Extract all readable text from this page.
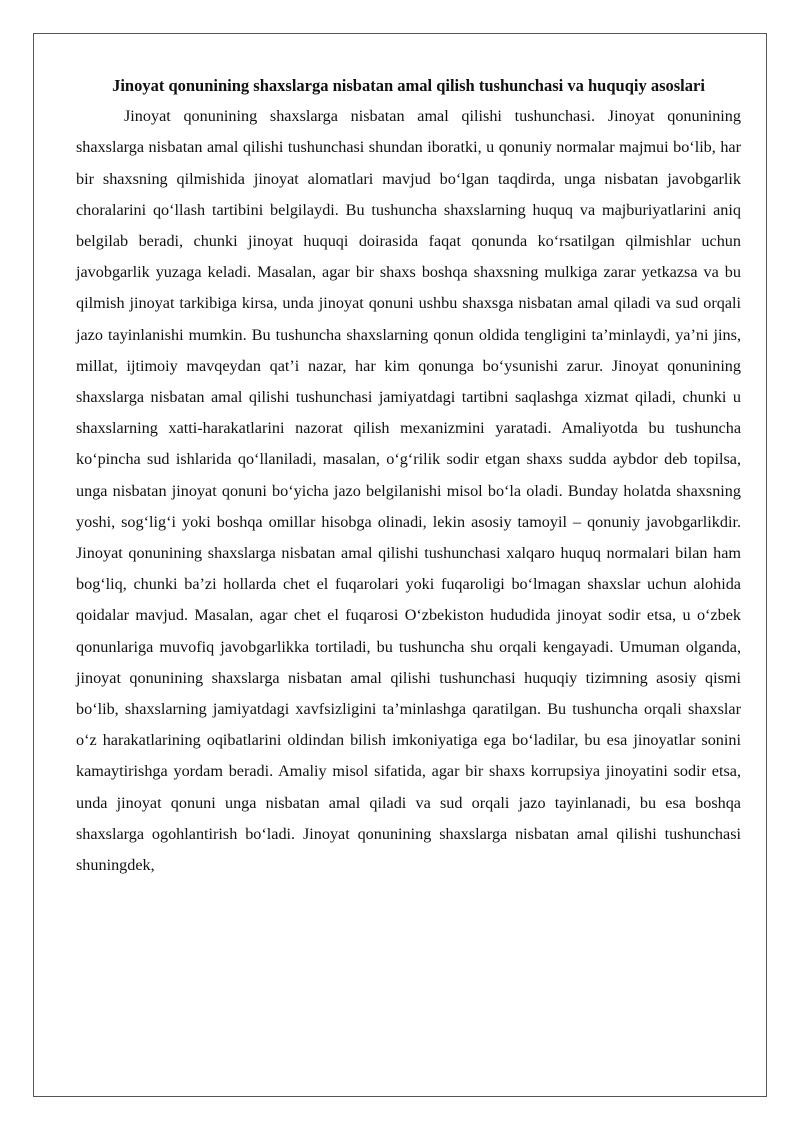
Jinoyat qonunining shaxslarga nisbatan amal qilish tushunchasi va huquqiy asoslari

Jinoyat qonunining shaxslarga nisbatan amal qilishi tushunchasi. Jinoyat qonunining shaxslarga nisbatan amal qilishi tushunchasi shundan iboratki, u qonuniy normalar majmui bo‘lib, har bir shaxsning qilmishida jinoyat alomatlari mavjud bo‘lgan taqdirda, unga nisbatan javobgarlik choralarini qo‘llash tartibini belgilaydi. Bu tushuncha shaxslarning huquq va majburiyatlarini aniq belgilab beradi, chunki jinoyat huquqi doirasida faqat qonunda ko‘rsatilgan qilmishlar uchun javobgarlik yuzaga keladi. Masalan, agar bir shaxs boshqa shaxsning mulkiga zarar yetkazsa va bu qilmish jinoyat tarkibiga kirsa, unda jinoyat qonuni ushbu shaxsga nisbatan amal qiladi va sud orqali jazo tayinlanishi mumkin. Bu tushuncha shaxslarning qonun oldida tengligini ta’minlaydi, ya’ni jins, millat, ijtimoiy mavqeydan qat’i nazar, har kim qonunga bo‘ysunishi zarur. Jinoyat qonunining shaxslarga nisbatan amal qilishi tushunchasi jamiyatdagi tartibni saqlashga xizmat qiladi, chunki u shaxslarning xatti-harakatlarini nazorat qilish mexanizmini yaratadi. Amaliyotda bu tushuncha ko‘pincha sud ishlarida qo‘llaniladi, masalan, o‘g‘rilik sodir etgan shaxs sudda aybdor deb topilsa, unga nisbatan jinoyat qonuni bo‘yicha jazo belgilanishi misol bo‘la oladi. Bunday holatda shaxsning yoshi, sog‘lig‘i yoki boshqa omillar hisobga olinadi, lekin asosiy tamoyil – qonuniy javobgarlikdir. Jinoyat qonunining shaxslarga nisbatan amal qilishi tushunchasi xalqaro huquq normalari bilan ham bog‘liq, chunki ba’zi hollarda chet el fuqarolari yoki fuqaroligi bo‘lmagan shaxslar uchun alohida qoidalar mavjud. Masalan, agar chet el fuqarosi O‘zbekiston hududida jinoyat sodir etsa, u o‘zbek qonunlariga muvofiq javobgarlikka tortiladi, bu tushuncha shu orqali kengayadi. Umuman olganda, jinoyat qonunining shaxslarga nisbatan amal qilishi tushunchasi huquqiy tizimning asosiy qismi bo‘lib, shaxslarning jamiyatdagi xavfsizligini ta’minlashga qaratilgan. Bu tushuncha orqali shaxslar o‘z harakatlarining oqibatlarini oldindan bilish imkoniyatiga ega bo‘ladilar, bu esa jinoyatlar sonini kamaytirishga yordam beradi. Amaliy misol sifatida, agar bir shaxs korrupsiya jinoyatini sodir etsa, unda jinoyat qonuni unga nisbatan amal qiladi va sud orqali jazo tayinlanadi, bu esa boshqa shaxslarga ogohlantirish bo‘ladi. Jinoyat qonunining shaxslarga nisbatan amal qilishi tushunchasi shuningdek,
